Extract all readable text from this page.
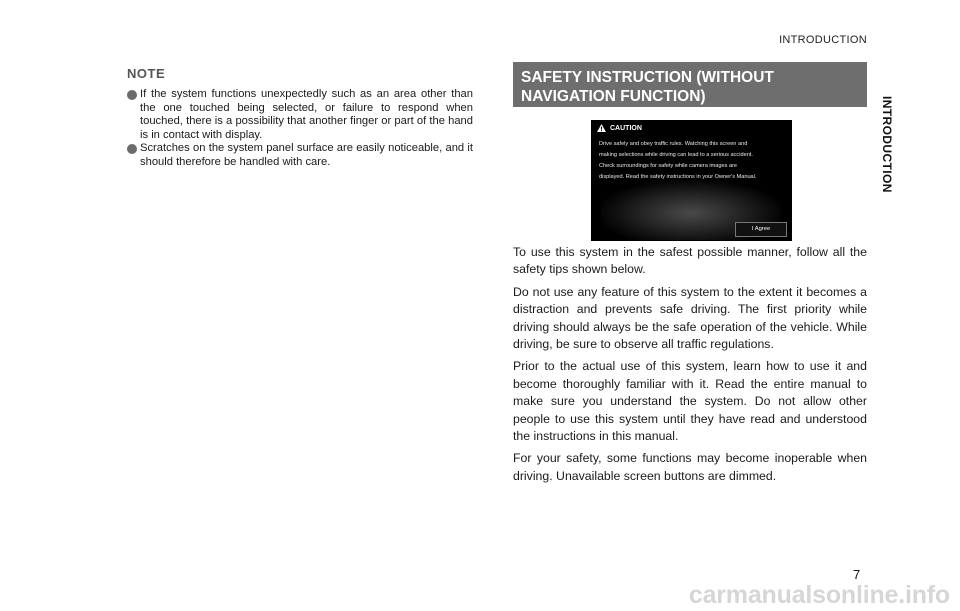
INTRODUCTION
INTRODUCTION
NOTE
If the system functions unexpectedly such as an area other than the one touched being selected, or failure to respond when touched, there is a possibility that another finger or part of the hand is in contact with display.
Scratches on the system panel surface are easily noticeable, and it should therefore be handled with care.
SAFETY INSTRUCTION (WITHOUT
NAVIGATION FUNCTION)
CAUTION
Drive safely and obey traffic rules. Watching this screen and
making selections while driving can lead to a serious accident.
Check surroundings for safety while camera images are
displayed. Read the safety instructions in your Owner's Manual.
I Agree

To use this system in the safest possible manner, follow all the safety tips shown below.

Do not use any feature of this system to the extent it becomes a distraction and prevents safe driving. The first priority while driving should always be the safe operation of the vehicle. While driving, be sure to observe all traffic regulations.

Prior to the actual use of this system, learn how to use it and become thoroughly familiar with it. Read the entire manual to make sure you understand the system. Do not allow other people to use this system until they have read and understood the instructions in this manual.

For your safety, some functions may become inoperable when driving. Unavailable screen buttons are dimmed.

7
carmanualsonline.info
